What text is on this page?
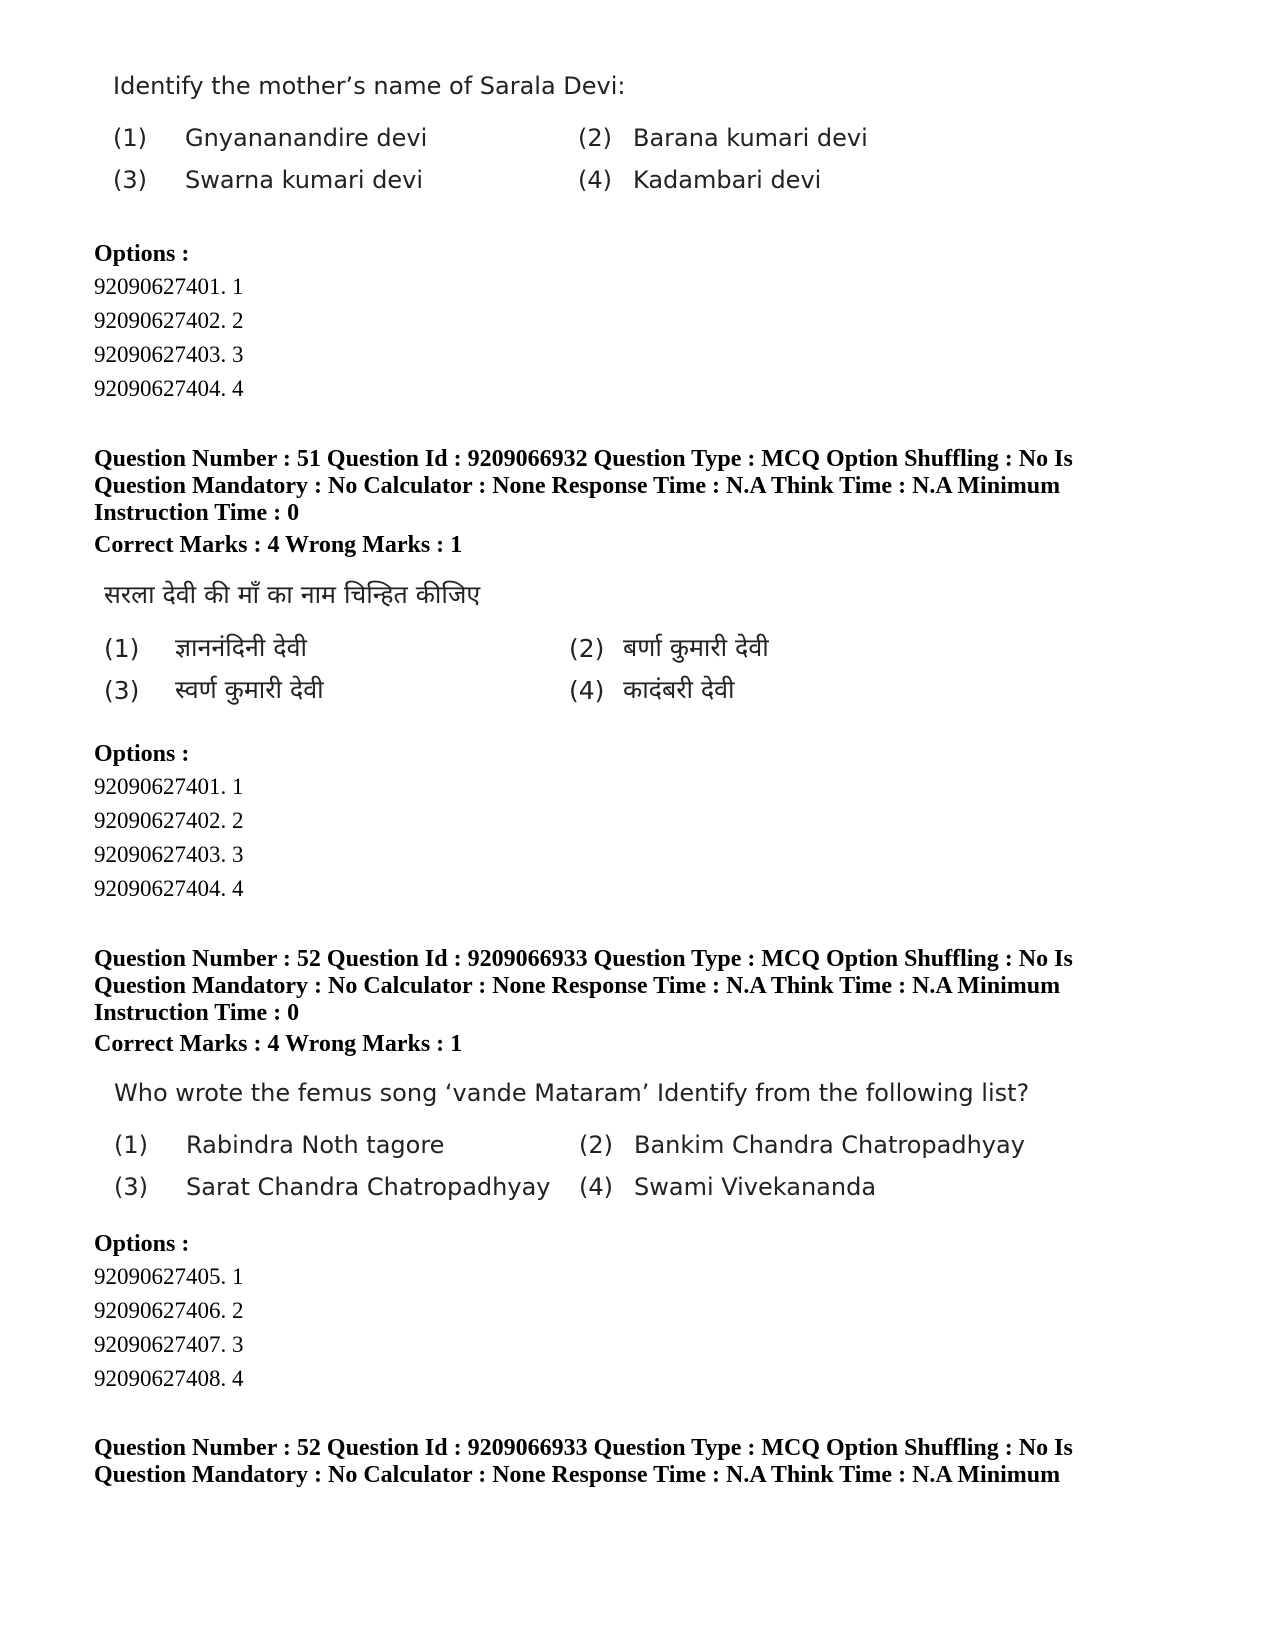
Identify the mother’s name of Sarala Devi:
(1) Gnyananandire devi	(2) Barana kumari devi
(3) Swarna kumari devi	(4) Kadambari devi
Options :
92090627401. 1
92090627402. 2
92090627403. 3
92090627404. 4
Question Number : 51 Question Id : 9209066932 Question Type : MCQ Option Shuffling : No Is
Question Mandatory : No Calculator : None Response Time : N.A Think Time : N.A Minimum
Instruction Time : 0
Correct Marks : 4 Wrong Marks : 1
सरला देवी की माँ का नाम चिन्हित कीजिए
(1) ज्ञाननंदिनी देवी	(2) बर्णा कुमारी देवी
(3) स्वर्ण कुमारी देवी	(4) कादंबरी देवी
Options :
92090627401. 1
92090627402. 2
92090627403. 3
92090627404. 4
Question Number : 52 Question Id : 9209066933 Question Type : MCQ Option Shuffling : No Is
Question Mandatory : No Calculator : None Response Time : N.A Think Time : N.A Minimum
Instruction Time : 0
Correct Marks : 4 Wrong Marks : 1
Who wrote the femus song ‘vande Mataram’ Identify from the following list?
(1) Rabindra Noth tagore	(2) Bankim Chandra Chatropadhyay
(3) Sarat Chandra Chatropadhyay (4) Swami Vivekananda
Options :
92090627405. 1
92090627406. 2
92090627407. 3
92090627408. 4
Question Number : 52 Question Id : 9209066933 Question Type : MCQ Option Shuffling : No Is
Question Mandatory : No Calculator : None Response Time : N.A Think Time : N.A Minimum
